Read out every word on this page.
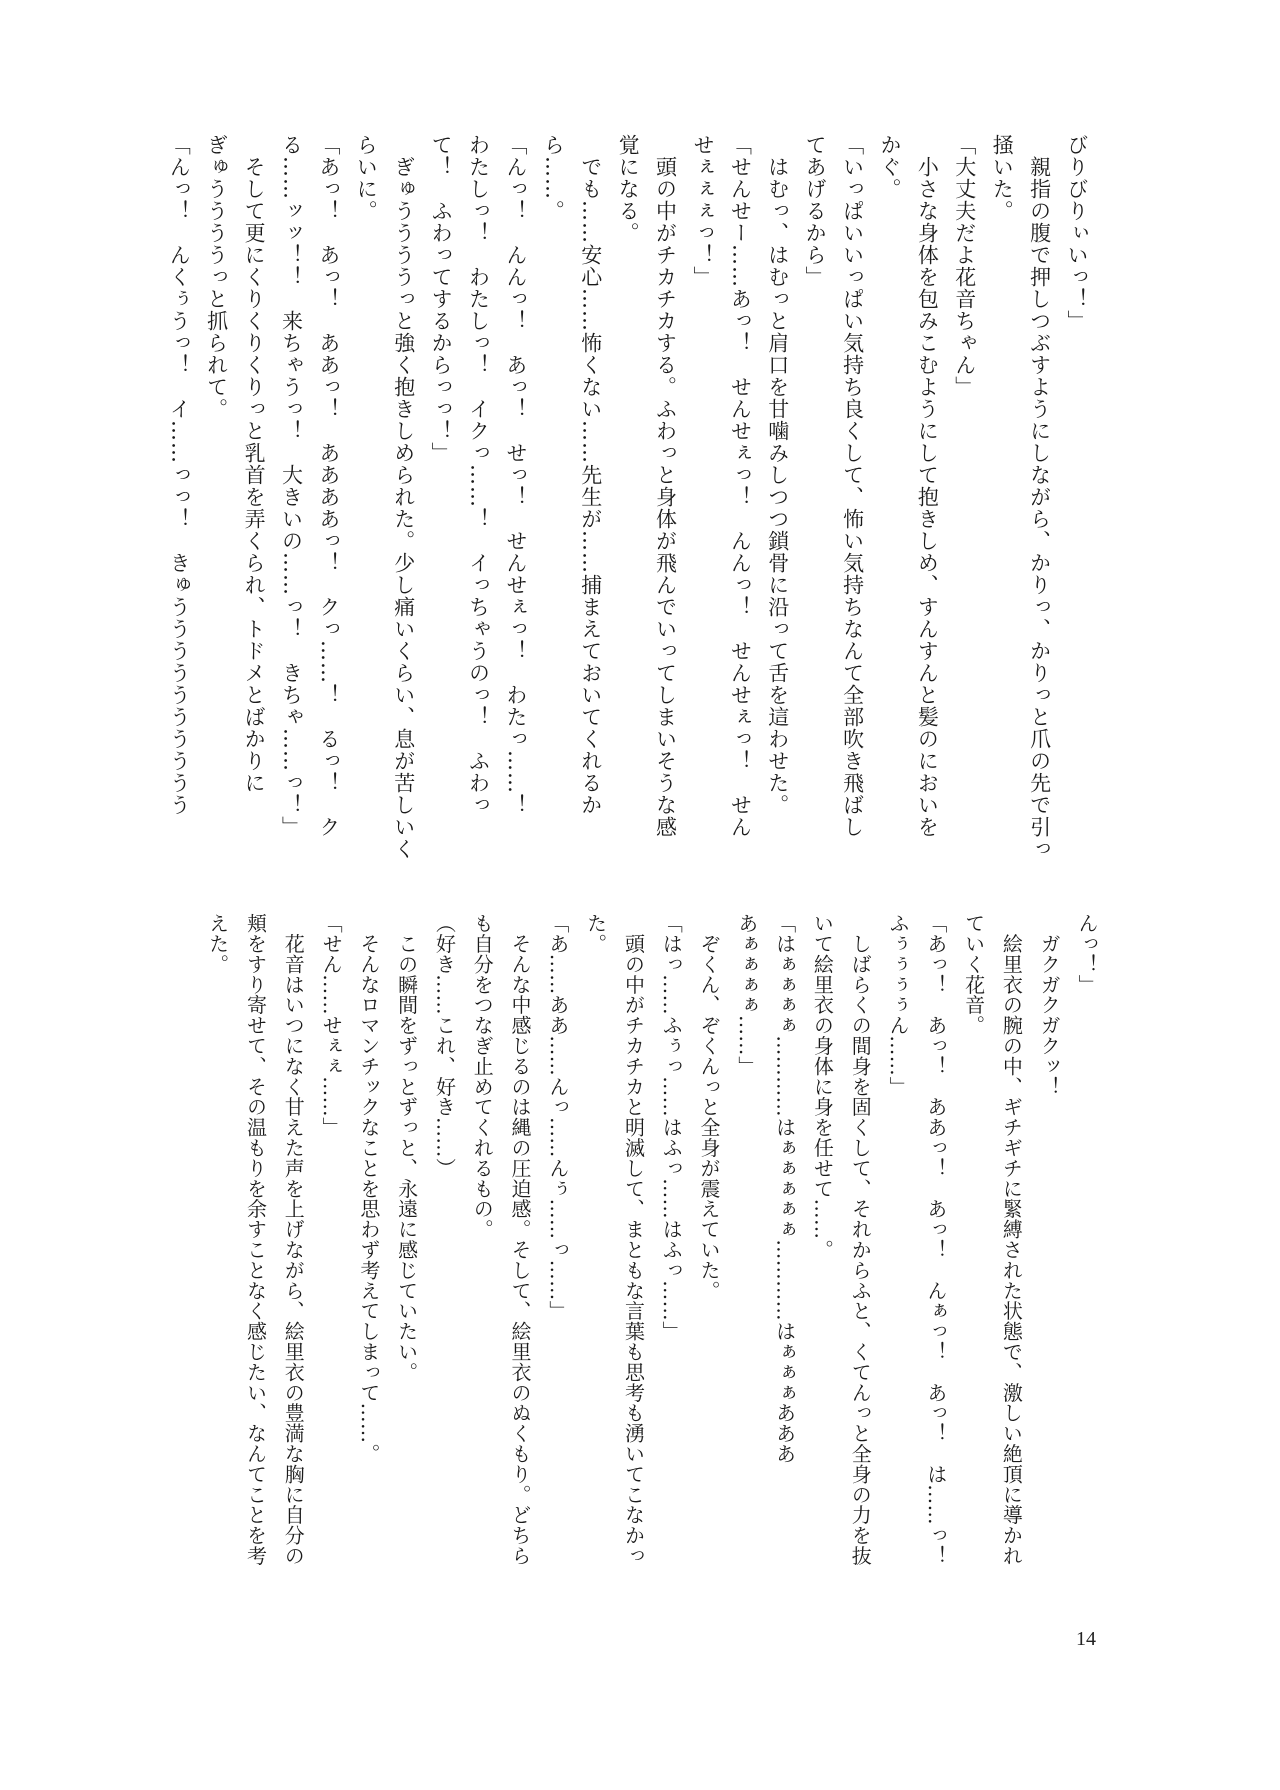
びりびりぃいっ！」
　親指の腹で押しつぶすようにしながら、かりっ、かりっと爪の先で引っ
掻いた。
「大丈夫だよ花音ちゃん」
　小さな身体を包みこむようにして抱きしめ、すんすんと髪のにおいを
かぐ。
「いっぱいいっぱい気持ち良くして、怖い気持ちなんて全部吹き飛ばし
てあげるから」
　はむっ、はむっと肩口を甘噛みしつつ鎖骨に沿って舌を這わせた。
「せんせー……あっ！　せんせぇっ！　んんっ！　せんせぇっ！　せん
せぇぇぇっ！」
　頭の中がチカチカする。ふわっと身体が飛んでいってしまいそうな感
覚になる。
　でも……安心……怖くない……先生が……捕まえておいてくれるか
ら……。
「んっ！　んんっ！　あっ！　せっ！　せんせぇっ！　わたっ……！
わたしっ！　わたしっ！　イクっ……！　イっちゃうのっ！　ふわっ
て！　ふわってするからっっ！」
　ぎゅううううっと強く抱きしめられた。少し痛いくらい、息が苦しいく
らいに。
「あっ！　あっ！　ああっ！　ああああっ！　クっ……！　るっ！　ク
る……ッッ！！　来ちゃうっ！　大きいの……っ！　きちゃ……っ！」
　そして更にくりくりくりっと乳首を弄くられ、トドメとばかりに
ぎゅううううっと抓られて。
「んっ！　んくぅうっ！　イ……っっ！　きゅうううううううううう
んっ！」
　ガクガクガクッ！
　絵里衣の腕の中、ギチギチに緊縛された状態で、激しい絶頂に導かれ
ていく花音。
「あっ！　あっ！　ああっ！　あっ！　んぁっ！　あっ！　は……っ！
ふぅぅぅぅん……」
　しばらくの間身を固くして、それからふと、くてんっと全身の力を抜
いて絵里衣の身体に身を任せて……。
「はぁぁぁぁ…………はぁぁぁぁぁ…………はぁぁぁあああ
あぁぁぁぁ……」
　ぞくん、ぞくんっと全身が震えていた。
「はっ……ふぅっ……はふっ……はふっ……」
　頭の中がチカチカと明滅して、まともな言葉も思考も湧いてこなかっ
た。
「あ……ああ……んっ……んぅ……っ……」
　そんな中感じるのは縄の圧迫感。そして、絵里衣のぬくもり。どちら
も自分をつなぎ止めてくれるもの。
（好き……これ、好き……）
　この瞬間をずっとずっと、永遠に感じていたい。
　そんなロマンチックなことを思わず考えてしまって……。
「せん……せぇぇ……」
　花音はいつになく甘えた声を上げながら、絵里衣の豊満な胸に自分の
頬をすり寄せて、その温もりを余すことなく感じたい、なんてことを考
えた。
14
